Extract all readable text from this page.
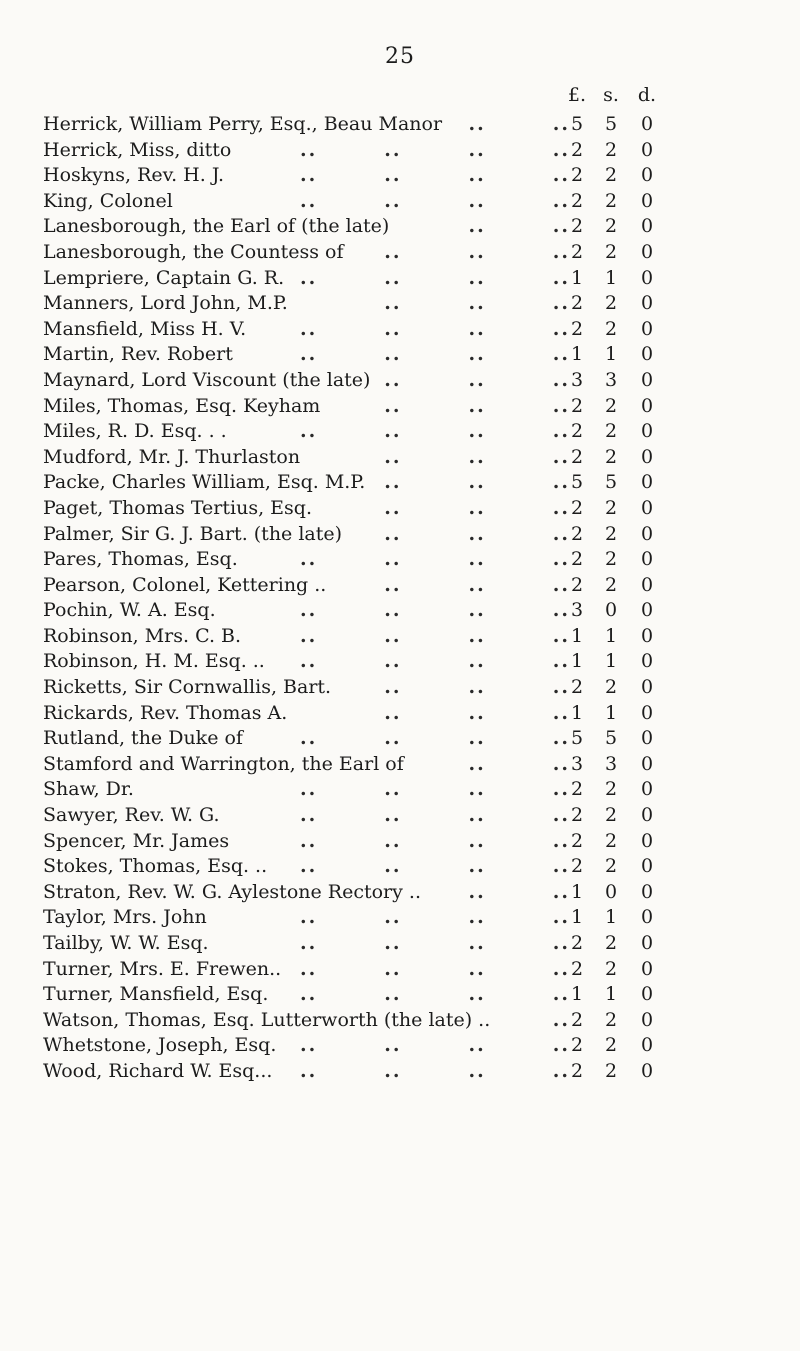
25
£. s.	d.
Herrick, William Perry, Esq., Beau Manor ..	.. 5	5	0
Herrick, Miss, ditto	..	..	..	.. 2	2	0
Hoskyns, Rev. H. J.	..	..	..	.. 2	2	0
King, Colonel	..	..	..	.. 2	2	0
Lanesborough, the Earl of (the late)	..	.. 2	2	0
Lanesborough, the Countess of ..	..	.. 2	2	0
Lempriere, Captain G. R. ..	..	..	.. 1	1	0
Manners, Lord John, M.P.	..	..	.. 2	2	0
Mansfield, Miss H. V.	..	..	..	.. 2	2	0
Martin, Rev. Robert	..	..	..	.. 1	1	0
Maynard, Lord Viscount (the late) ..	..	.. 3	3	0
Miles, Thomas, Esq. Keyham	..	..	.. 2	2	0
Miles, R. D. Esq. . .	..	..	..	.. 2	2	0
Mudford, Mr. J. Thurlaston	..	..	.. 2	2	0
Packe, Charles William, Esq. M.P. ..	..	.. 5	5	0
Paget, Thomas Tertius, Esq.	..	..	.. 2	2	0
Palmer, Sir G. J. Bart. (the late) ..	..	.. 2	2	0
Pares, Thomas, Esq.	..	..	..	.. 2	2	0
Pearson, Colonel, Kettering ..	..	..	.. 2	2	0
Pochin, W. A. Esq.	..	..	..	.. 3	0	0
Robinson, Mrs. C. B.	..	..	..	.. 1	1	0
Robinson, H. M. Esq. .. ..	..	..	.. 1	1	0
Ricketts, Sir Cornwallis, Bart.	..	..	.. 2	2	0
Rickards, Rev. Thomas A.	..	..	.. 1	1	0
Rutland, the Duke of	..	..	..	.. 5	5	0
Stamford and Warrington, the Earl of	..	.. 3	3	0
Shaw, Dr.	..	..	..	.. 2	2	0
Sawyer, Rev. W. G.	..	..	..	.. 2	2	0
Spencer, Mr. James	..	..	..	.. 2	2	0
Stokes, Thomas, Esq. .. ..	..	..	.. 2	2	0
Straton, Rev. W. G. Aylestone Rectory ..	..	.. 1	0	0
Taylor, Mrs. John	..	..	..	.. 1	1	0
Tailby, W. W. Esq.	..	..	..	.. 2	2	0
Turner, Mrs. E. Frewen.. ..	..	..	.. 2	2	0
Turner, Mansfield, Esq. ..	..	..	.. 1	1	0
Watson, Thomas, Esq. Lutterworth (the late) ..	.. 2	2	0
Whetstone, Joseph, Esq. ..	..	..	.. 2	2	0
Wood, Richard W. Esq... ..	..	..	.. 2	2	0
